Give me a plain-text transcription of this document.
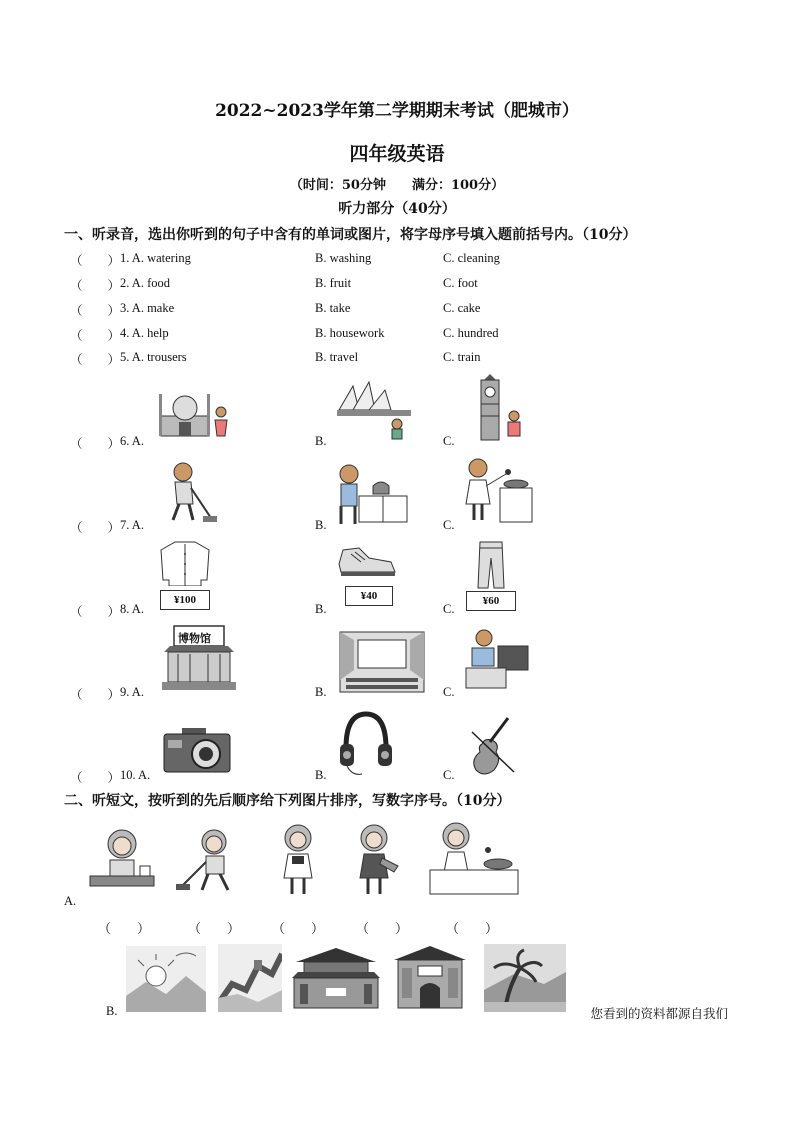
2022~2023学年第二学期期末考试（肥城市）
四年级英语
（时间：50分钟　　满分：100分）
听力部分（40分）
一、听录音，选出你听到的句子中含有的单词或图片，将字母序号填入题前括号内。（10分）
（　　） 1. A. watering	B. washing	C. cleaning
（　　） 2. A. food	B. fruit	C. foot
（　　） 3. A. make	B. take	C. cake
（　　） 4. A. help	B. housework	C. hundred
（　　） 5. A. trousers	B. travel	C. train
（　　） 6. A.	B.	C.
（　　） 7. A.	B.	C.
（　　） 8. A.	B.	C.
¥100	¥40	¥60
（　　） 9. A.	B.	C.
博物馆
（　　） 10. A.	B.	C.
二、听短文，按听到的先后顺序给下列图片排序，写数字序号。（10分）
A.
（　　）	（　　） （　　） （　　）	（　　）
B.	您看到的资料都源自我们
